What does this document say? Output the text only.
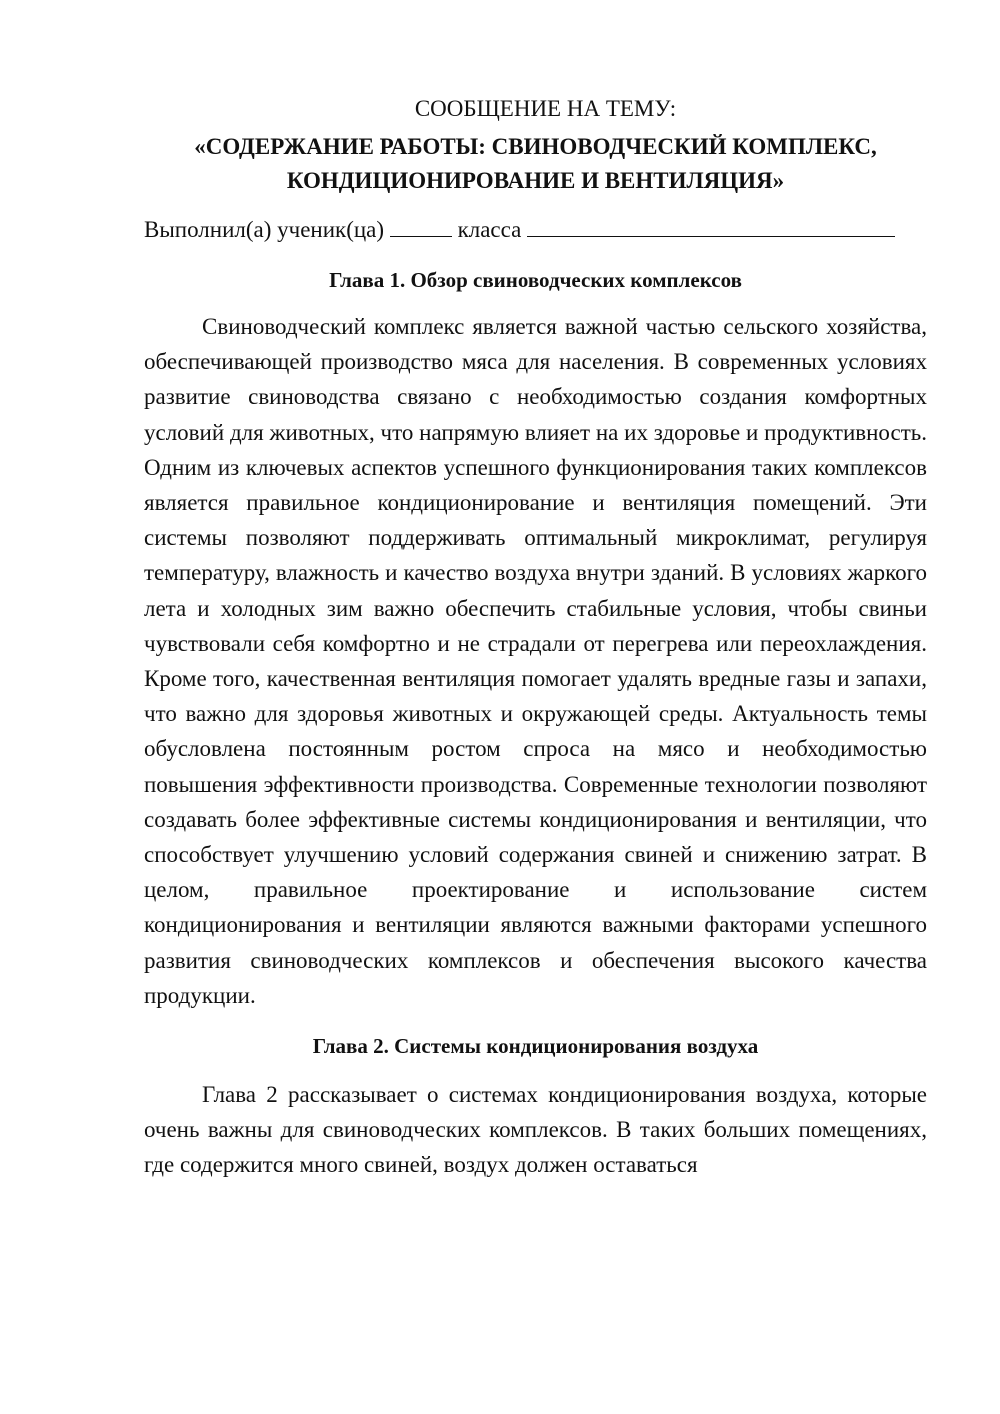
СООБЩЕНИЕ НА ТЕМУ:

«СОДЕРЖАНИЕ РАБОТЫ: СВИНОВОДЧЕСКИЙ КОМПЛЕКС,
КОНДИЦИОНИРОВАНИЕ И ВЕНТИЛЯЦИЯ»

Выполнил(а) ученик(ца)	класса

Глава 1. Обзор свиноводческих комплексов

Свиноводческий комплекс является важной частью сельского хозяйства, обеспечивающей производство мяса для населения. В современных условиях развитие свиноводства связано с необходимостью создания комфортных условий для животных, что напрямую влияет на их здоровье и продуктивность. Одним из ключевых аспектов успешного функционирования таких комплексов является правильное кондиционирование и вентиляция помещений. Эти системы позволяют поддерживать оптимальный микроклимат, регулируя температуру, влажность и качество воздуха внутри зданий. В условиях жаркого лета и холодных зим важно обеспечить стабильные условия, чтобы свиньи чувствовали себя комфортно и не страдали от перегрева или переохлаждения. Кроме того, качественная вентиляция помогает удалять вредные газы и запахи, что важно для здоровья животных и окружающей среды. Актуальность темы обусловлена постоянным ростом спроса на мясо и необходимостью повышения эффективности производства. Современные технологии позволяют создавать более эффективные системы кондиционирования и вентиляции, что способствует улучшению условий содержания свиней и снижению затрат. В целом, правильное проектирование и использование систем кондиционирования и вентиляции являются важными факторами успешного развития свиноводческих комплексов и обеспечения высокого качества продукции.

Глава 2. Системы кондиционирования воздуха

Глава 2 рассказывает о системах кондиционирования воздуха, которые очень важны для свиноводческих комплексов. В таких больших помещениях, где содержится много свиней, воздух должен оставаться
